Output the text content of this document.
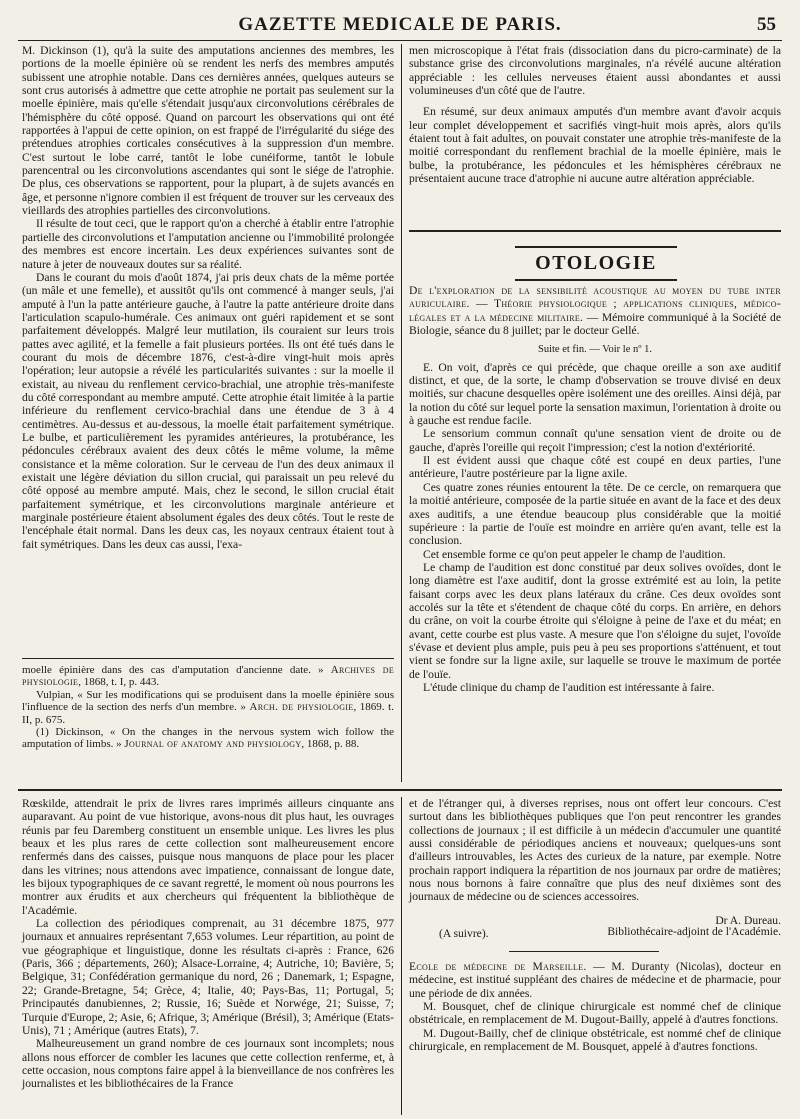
GAZETTE MEDICALE DE PARIS.	55

M. Dickinson (1), qu'à la suite des amputations anciennes des membres, les portions de la moelle épinière où se rendent les nerfs des membres amputés subissent une atrophie notable. Dans ces dernières années, quelques auteurs se sont crus autorisés à admettre que cette atrophie ne portait pas seulement sur la moelle épinière, mais qu'elle s'étendait jusqu'aux circonvolutions cérébrales de l'hémisphère du côté opposé. Quand on parcourt les observations qui ont été rapportées à l'appui de cette opinion, on est frappé de l'irrégularité du siége des prétendues atrophies corticales consécutives à la suppression d'un membre. C'est surtout le lobe carré, tantôt le lobe cunéiforme, tantôt le lobule parencentral ou les circonvolutions ascendantes qui sont le siége de l'atrophie. De plus, ces observations se rapportent, pour la plupart, à de sujets avancés en âge, et personne n'ignore combien il est fréquent de trouver sur les cerveaux des vieillards des atrophies partielles des circonvolutions.

Il résulte de tout ceci, que le rapport qu'on a cherché à établir entre l'atrophie partielle des circonvolutions et l'amputation ancienne ou l'immobilité prolongée des membres est encore incertain. Les deux expériences suivantes sont de nature à jeter de nouveaux doutes sur sa réalité.

Dans le courant du mois d'août 1874, j'ai pris deux chats de la même portée (un mâle et une femelle), et aussitôt qu'ils ont commencé à manger seuls, j'ai amputé à l'un la patte antérieure gauche, à l'autre la patte antérieure droite dans l'articulation scapulo-humérale. Ces animaux ont guéri rapidement et se sont parfaitement développés. Malgré leur mutilation, ils couraient sur leurs trois pattes avec agilité, et la femelle a fait plusieurs portées. Ils ont été tués dans le courant du mois de décembre 1876, c'est-à-dire vingt-huit mois après l'opération; leur autopsie a révélé les particularités suivantes : sur la moelle il existait, au niveau du renflement cervico-brachial, une atrophie très-manifeste du côté correspondant au membre amputé. Cette atrophie était limitée à la partie inférieure du renflement cervico-brachial dans une étendue de 3 à 4 centimètres. Au-dessus et au-dessous, la moelle était parfaitement symétrique. Le bulbe, et particulièrement les pyramides antérieures, la protubérance, les pédoncules cérébraux avaient des deux côtés le même volume, la même consistance et la même coloration. Sur le cerveau de l'un des deux animaux il existait une légère déviation du sillon crucial, qui paraissait un peu relevé du côté opposé au membre amputé. Mais, chez le second, le sillon crucial était parfaitement symétrique, et les circonvolutions marginale antérieure et marginale postérieure étaient absolument égales des deux côtés. Tout le reste de l'encéphale était normal. Dans les deux cas, les noyaux centraux étaient tout à fait symétriques. Dans les deux cas aussi, l'exa-

moelle épinière dans des cas d'amputation d'ancienne date. » Archives de physiologie, 1868, t. I, p. 443.

Vulpian, « Sur les modifications qui se produisent dans la moelle épinière sous l'influence de la section des nerfs d'un membre. » Arch. de physiologie, 1869. t. II, p. 675.

(1) Dickinson, « On the changes in the nervous system wich follow the amputation of limbs. » Journal of anatomy and physiology, 1868, p. 88.

men microscopique à l'état frais (dissociation dans du picro-carminate) de la substance grise des circonvolutions marginales, n'a révélé aucune altération appréciable : les cellules nerveuses étaient aussi abondantes et aussi volumineuses d'un côté que de l'autre.

En résumé, sur deux animaux amputés d'un membre avant d'avoir acquis leur complet développement et sacrifiés vingt-huit mois après, alors qu'ils étaient tout à fait adultes, on pouvait constater une atrophie très-manifeste de la moitié correspondant du renflement brachial de la moelle épinière, mais le bulbe, la protubérance, les pédoncules et les hémisphères cérébraux ne présentaient aucune trace d'atrophie ni aucune autre altération appréciable.

OTOLOGIE

De l'exploration de la sensibilité acoustique au moyen du tube inter auriculaire. — Théorie physiologique ; applications cliniques, médico-légales et a la médecine militaire. — Mémoire communiqué à la Société de Biologie, séance du 8 juillet; par le docteur Gellé.

Suite et fin. — Voir le nº 1.

E. On voit, d'après ce qui précède, que chaque oreille a son axe auditif distinct, et que, de la sorte, le champ d'observation se trouve divisé en deux moitiés, sur chacune desquelles opère isolément une des oreilles. Ainsi déjà, par la notion du côté sur lequel porte la sensation maximun, l'orientation à droite ou à gauche est rendue facile.

Le sensorium commun connaît qu'une sensation vient de droite ou de gauche, d'après l'oreille qui reçoit l'impression; c'est la notion d'extériorité.

Il est évident aussi que chaque côté est coupé en deux parties, l'une antérieure, l'autre postérieure par la ligne axile.

Ces quatre zones réunies entourent la tête. De ce cercle, on remarquera que la moitié antérieure, composée de la partie située en avant de la face et des deux axes auditifs, a une étendue beaucoup plus considérable que la moitié supérieure : la partie de l'ouïe est moindre en arrière qu'en avant, telle est la conclusion.

Cet ensemble forme ce qu'on peut appeler le champ de l'audition.

Le champ de l'audition est donc constitué par deux solives ovoïdes, dont le long diamètre est l'axe auditif, dont la grosse extrémité est au loin, la petite faisant corps avec les deux plans latéraux du crâne. Ces deux ovoïdes sont accolés sur la tête et s'étendent de chaque côté du corps. En arrière, en dehors du crâne, on voit la courbe étroite qui s'éloigne à peine de l'axe et du méat; en avant, cette courbe est plus vaste. A mesure que l'on s'éloigne du sujet, l'ovoïde s'évase et devient plus ample, puis peu à peu ses proportions s'atténuent, et tout vient se fondre sur la ligne axile, sur laquelle se trouve le maximum de portée de l'ouïe.

L'étude clinique du champ de l'audition est intéressante à faire.

Rœskilde, attendrait le prix de livres rares imprimés ailleurs cinquante ans auparavant. Au point de vue historique, avons-nous dit plus haut, les ouvrages réunis par feu Daremberg constituent un ensemble unique. Les livres les plus beaux et les plus rares de cette collection sont malheureusement encore renfermés dans des caisses, puisque nous manquons de place pour les placer dans les vitrines; nous attendons avec impatience, connaissant de longue date, les bijoux typographiques de ce savant regretté, le moment où nous pourrons les montrer aux érudits et aux chercheurs qui fréquentent la bibliothèque de l'Académie.

La collection des périodiques comprenait, au 31 décembre 1875, 977 journaux et annuaires représentant 7,653 volumes. Leur répartition, au point de vue géographique et linguistique, donne les résultats ci-après : France, 626 (Paris, 366 ; départements, 260); Alsace-Lorraine, 4; Autriche, 10; Bavière, 5; Belgique, 31; Confédération germanique du nord, 26 ; Danemark, 1; Espagne, 22; Grande-Bretagne, 54; Grèce, 4; Italie, 40; Pays-Bas, 11; Portugal, 5; Principautés danubiennes, 2; Russie, 16; Suède et Norwége, 21; Suisse, 7; Turquie d'Europe, 2; Asie, 6; Afrique, 3; Amérique (Brésil), 3; Amérique (Etats-Unis), 71 ; Amérique (autres Etats), 7.

Malheureusement un grand nombre de ces journaux sont incomplets; nous allons nous efforcer de combler les lacunes que cette collection renferme, et, à cette occasion, nous comptons faire appel à la bienveillance de nos confrères les journalistes et les bibliothécaires de la France

et de l'étranger qui, à diverses reprises, nous ont offert leur concours. C'est surtout dans les bibliothèques publiques que l'on peut rencontrer les grandes collections de journaux ; il est difficile à un médecin d'accumuler une quantité aussi considérable de périodiques anciens et nouveaux; quelques-uns sont d'ailleurs introuvables, les Actes des curieux de la nature, par exemple. Notre prochain rapport indiquera la répartition de nos journaux par ordre de matières; nous nous bornons à faire connaître que plus des neuf dixièmes sont des journaux de médecine ou de sciences accessoires.

Dr A. Dureau.

(A suivre).	Bibliothécaire-adjoint de l'Académie.

Ecole de médecine de Marseille. — M. Duranty (Nicolas), docteur en médecine, est institué suppléant des chaires de médecine et de pharmacie, pour une période de dix années.

M. Bousquet, chef de clinique chirurgicale est nommé chef de clinique obstétricale, en remplacement de M. Dugout-Bailly, appelé à d'autres fonctions.

M. Dugout-Bailly, chef de clinique obstétricale, est nommé chef de clinique chirurgicale, en remplacement de M. Bousquet, appelé à d'autres fonctions.
